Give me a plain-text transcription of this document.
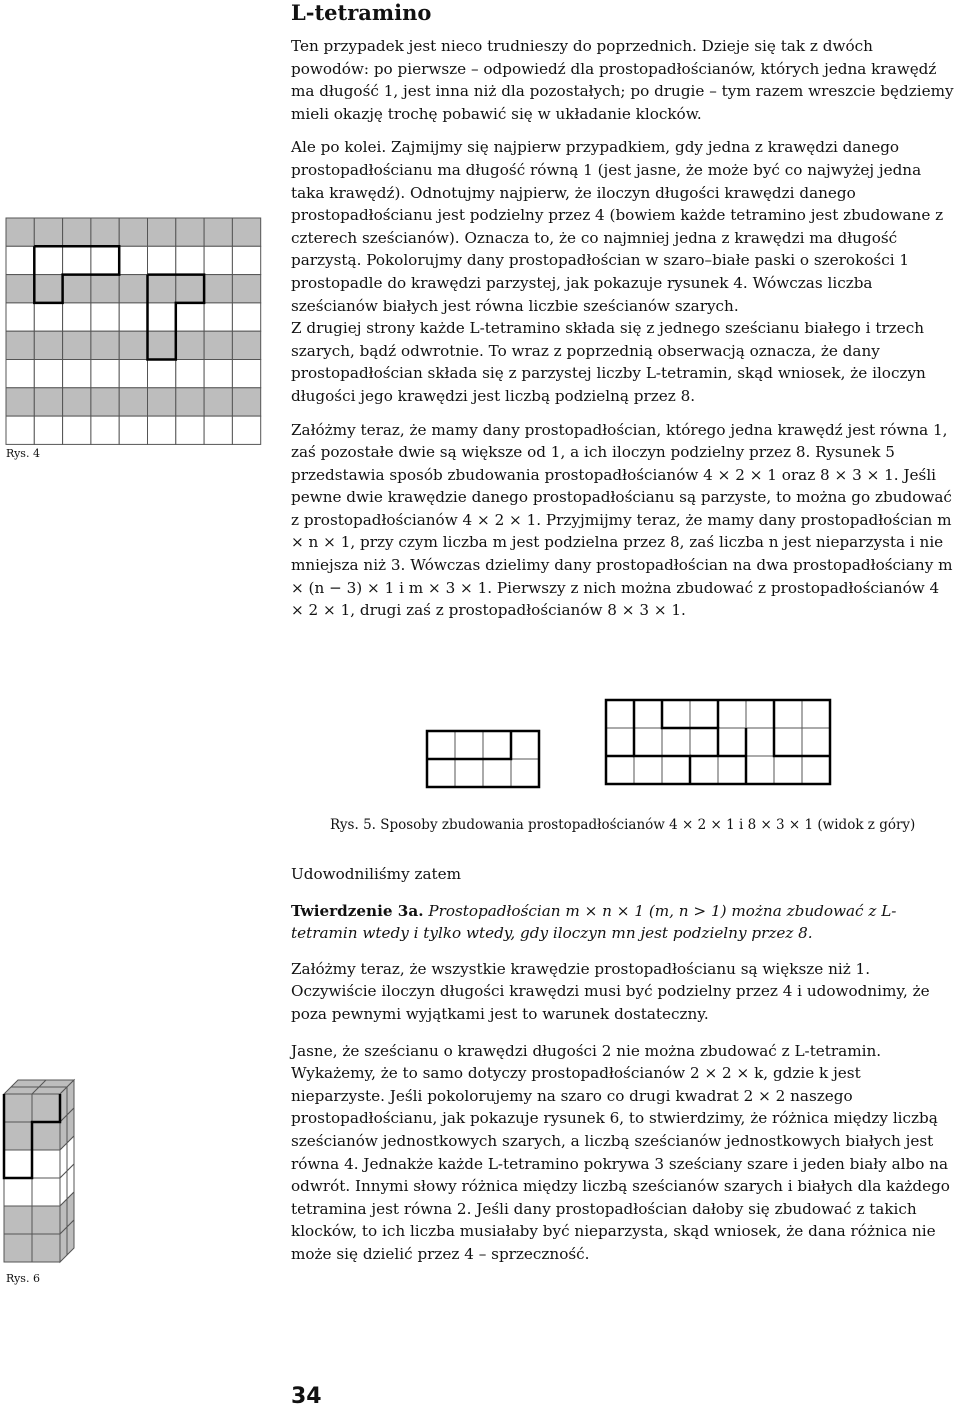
L-tetramino

Ten przypadek jest nieco trudnieszy do poprzednich. Dzieje się tak z dwóch powodów: po pierwsze – odpowiedź dla prostopadłościanów, których jedna krawędź ma długość 1, jest inna niż dla pozostałych; po drugie – tym razem wreszcie będziemy mieli okazję trochę pobawić się w układanie klocków.

Ale po kolei. Zajmijmy się najpierw przypadkiem, gdy jedna z krawędzi danego prostopadłościanu ma długość równą 1 (jest jasne, że może być co najwyżej jedna taka krawędź). Odnotujmy najpierw, że iloczyn długości krawędzi danego prostopadłościanu jest podzielny przez 4 (bowiem każde tetramino jest zbudowane z czterech sześcianów). Oznacza to, że co najmniej jedna z krawędzi ma długość parzystą. Pokolorujmy dany prostopadłościan w szaro–białe paski o szerokości 1 prostopadle do krawędzi parzystej, jak pokazuje rysunek 4. Wówczas liczba sześcianów białych jest równa liczbie sześcianów szarych.

Z drugiej strony każde L-tetramino składa się z jednego sześcianu białego i trzech szarych, bądź odwrotnie. To wraz z poprzednią obserwacją oznacza, że dany prostopadłościan składa się z parzystej liczby L-tetramin, skąd wniosek, że iloczyn długości jego krawędzi jest liczbą podzielną przez 8.

Załóżmy teraz, że mamy dany prostopadłościan, którego jedna krawędź jest równa 1, zaś pozostałe dwie są większe od 1, a ich iloczyn podzielny przez 8. Rysunek 5 przedstawia sposób zbudowania prostopadłościanów 4 × 2 × 1 oraz 8 × 3 × 1. Jeśli pewne dwie krawędzie danego prostopadłościanu są parzyste, to można go zbudować z prostopadłościanów 4 × 2 × 1. Przyjmijmy teraz, że mamy dany prostopadłościan m × n × 1, przy czym liczba m jest podzielna przez 8, zaś liczba n jest nieparzysta i nie mniejsza niż 3. Wówczas dzielimy dany prostopadłościan na dwa prostopadłościany m × (n − 3) × 1 i m × 3 × 1. Pierwszy z nich można zbudować z prostopadłościanów 4 × 2 × 1, drugi zaś z prostopadłościanów 8 × 3 × 1.

Rys. 4
Rys. 5. Sposoby zbudowania prostopadłościanów 4 × 2 × 1 i 8 × 3 × 1 (widok z góry)

Udowodniliśmy zatem

Twierdzenie 3a. Prostopadłościan m × n × 1 (m, n > 1) można zbudować z L-tetramin wtedy i tylko wtedy, gdy iloczyn mn jest podzielny przez 8.

Załóżmy teraz, że wszystkie krawędzie prostopadłościanu są większe niż 1. Oczywiście iloczyn długości krawędzi musi być podzielny przez 4 i udowodnimy, że poza pewnymi wyjątkami jest to warunek dostateczny.

Jasne, że sześcianu o krawędzi długości 2 nie można zbudować z L-tetramin. Wykażemy, że to samo dotyczy prostopadłościanów 2 × 2 × k, gdzie k jest nieparzyste. Jeśli pokolorujemy na szaro co drugi kwadrat 2 × 2 naszego prostopadłościanu, jak pokazuje rysunek 6, to stwierdzimy, że różnica między liczbą sześcianów jednostkowych szarych, a liczbą sześcianów jednostkowych białych jest równa 4. Jednakże każde L-tetramino pokrywa 3 sześciany szare i jeden biały albo na odwrót. Innymi słowy różnica między liczbą sześcianów szarych i białych dla każdego tetramina jest równa 2. Jeśli dany prostopadłościan dałoby się zbudować z takich klocków, to ich liczba musiałaby być nieparzysta, skąd wniosek, że dana różnica nie może się dzielić przez 4 – sprzeczność.

Rys. 6
34
